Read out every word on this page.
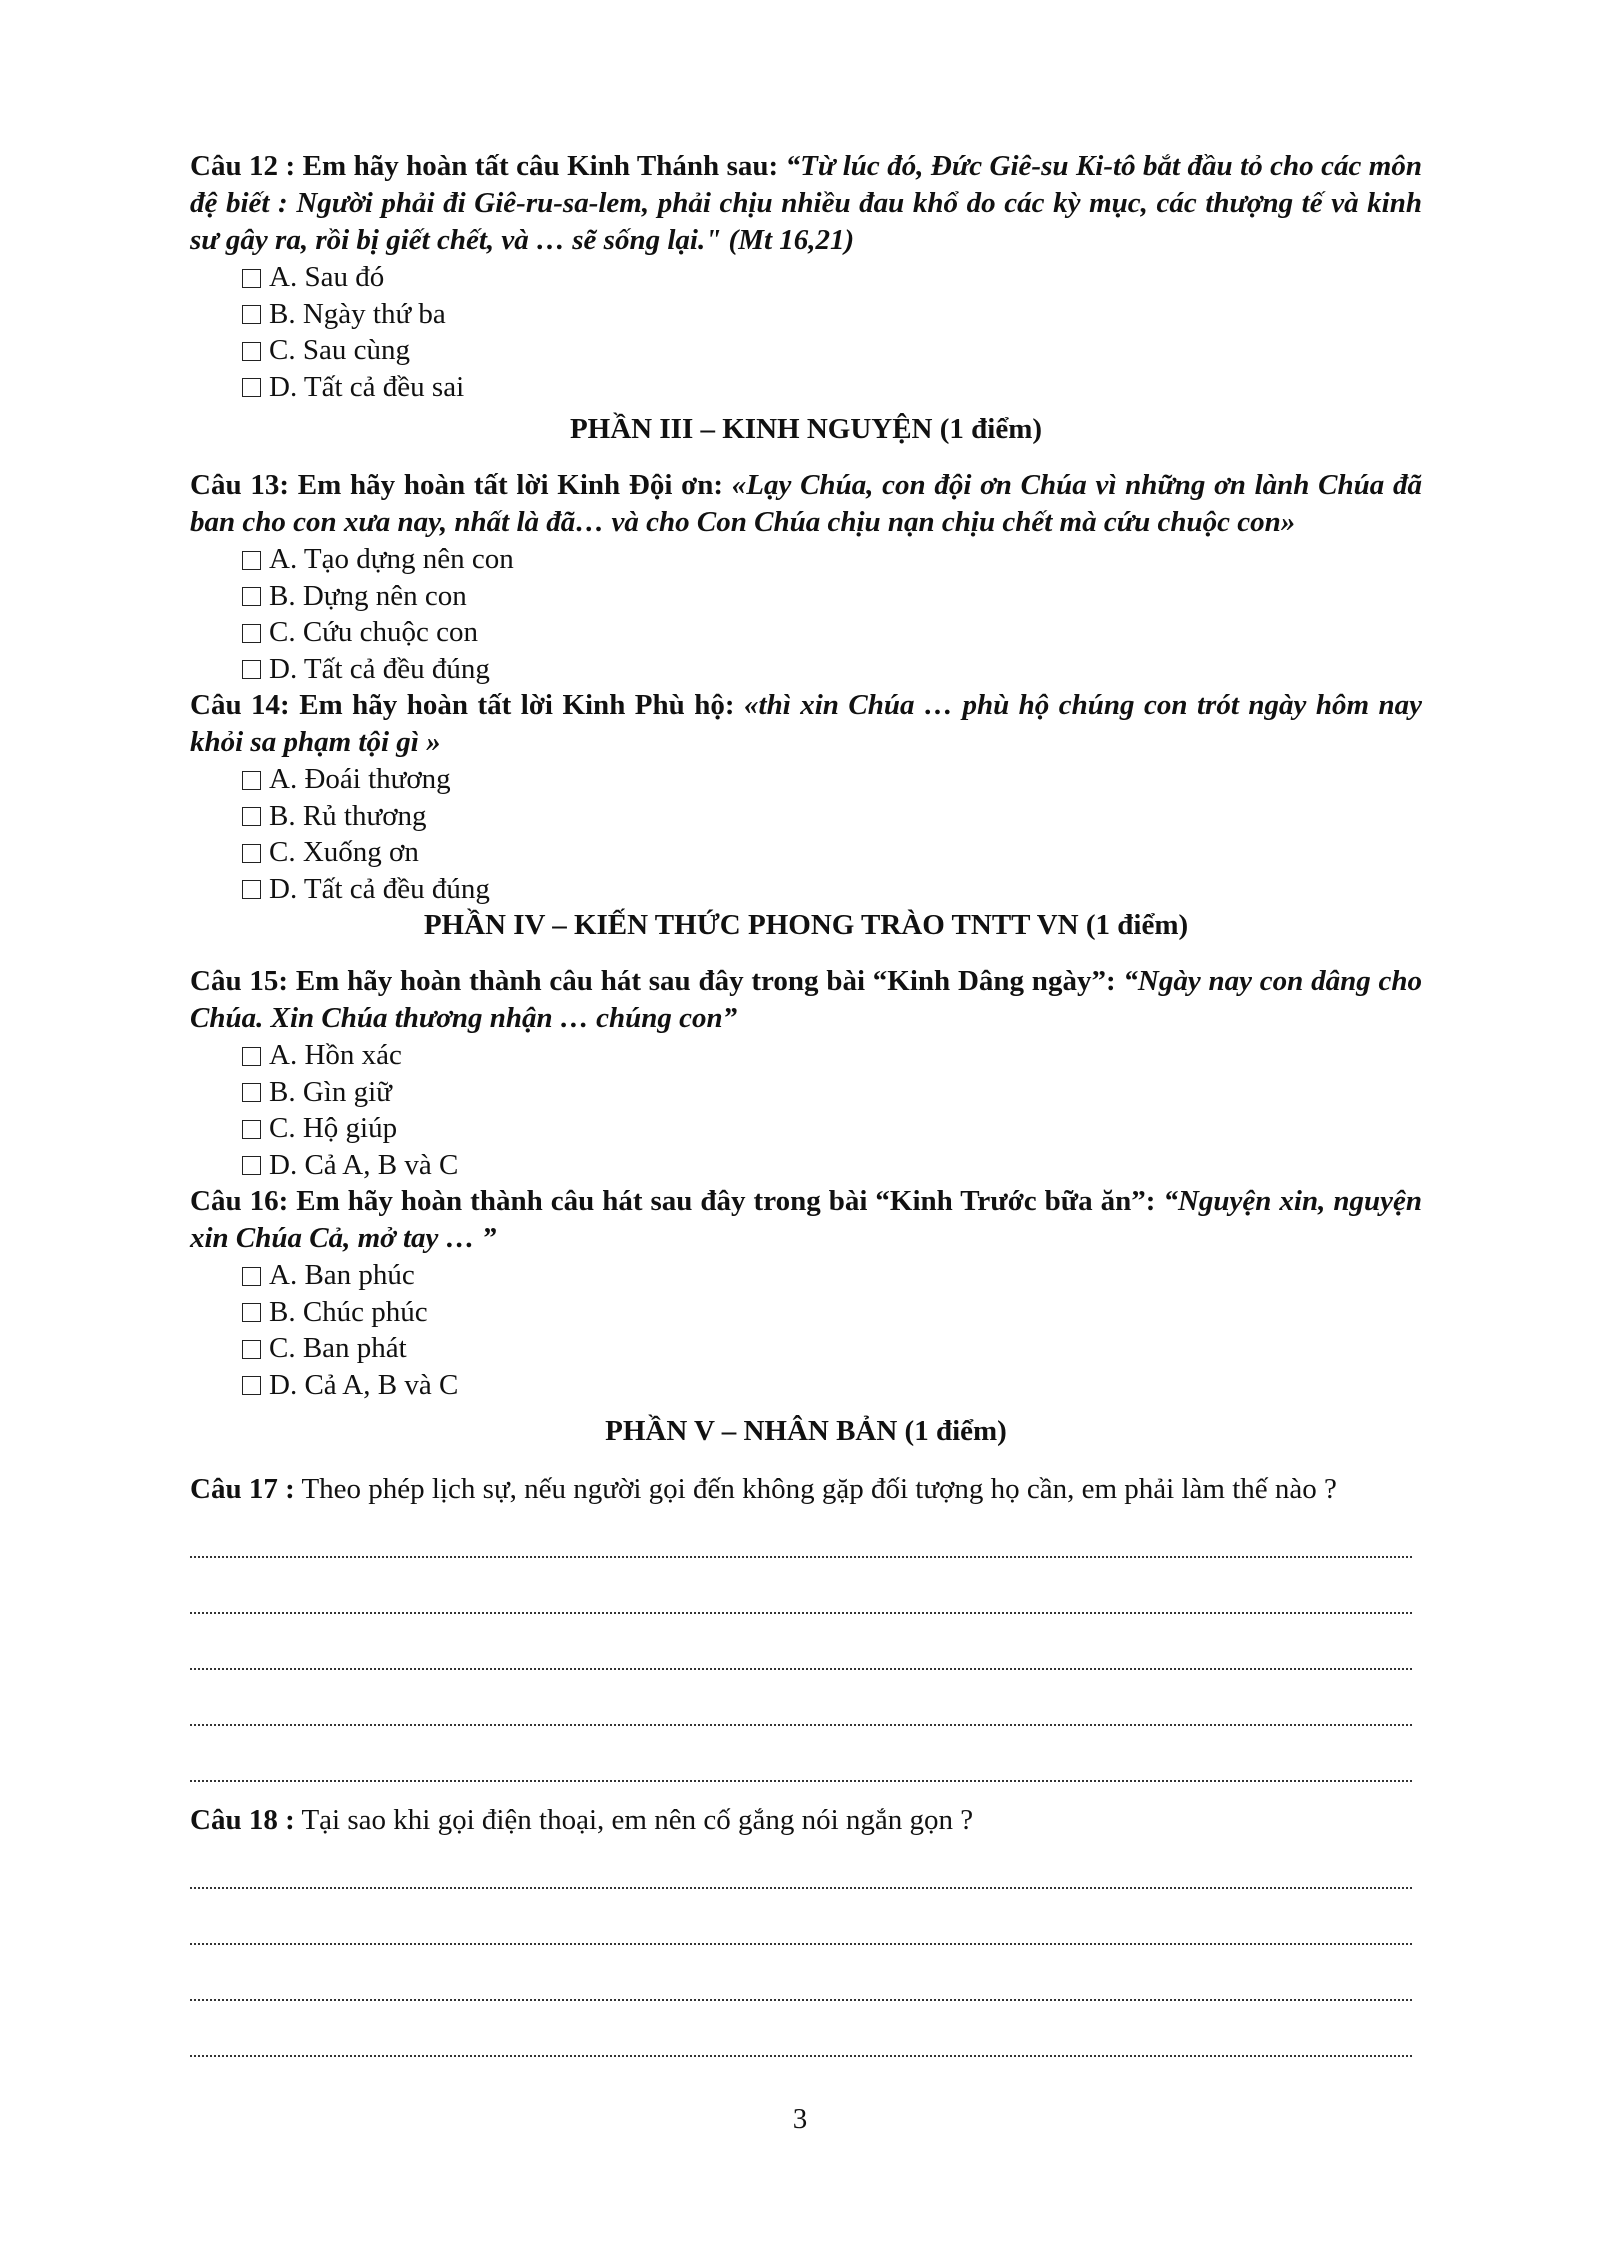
Câu 12 : Em hãy hoàn tất câu Kinh Thánh sau: “Từ lúc đó, Đức Giê-su Ki-tô bắt đầu tỏ cho các môn đệ biết : Người phải đi Giê-ru-sa-lem, phải chịu nhiều đau khổ do các kỳ mục, các thượng tế và kinh sư gây ra, rồi bị giết chết, và … sẽ sống lại." (Mt 16,21)
A. Sau đó
B. Ngày thứ ba
C. Sau cùng
D. Tất cả đều sai
PHẦN III – KINH NGUYỆN (1 điểm)
Câu 13: Em hãy hoàn tất lời Kinh Đội ơn: «Lạy Chúa, con đội ơn Chúa vì những ơn lành Chúa đã ban cho con xưa nay, nhất là đã… và cho Con Chúa chịu nạn chịu chết mà cứu chuộc con»
A. Tạo dựng nên con
B. Dựng nên con
C. Cứu chuộc con
D. Tất cả đều đúng
Câu 14: Em hãy hoàn tất lời Kinh Phù hộ: «thì xin Chúa … phù hộ chúng con trót ngày hôm nay khỏi sa phạm tội gì »
A. Đoái thương
B. Rủ thương
C. Xuống ơn
D. Tất cả đều đúng
PHẦN IV – KIẾN THỨC PHONG TRÀO TNTT VN (1 điểm)
Câu 15: Em hãy hoàn thành câu hát sau đây trong bài “Kinh Dâng ngày”: “Ngày nay con dâng cho Chúa. Xin Chúa thương nhận … chúng con”
A. Hồn xác
B. Gìn giữ
C. Hộ giúp
D. Cả A, B và C
Câu 16: Em hãy hoàn thành câu hát sau đây trong bài “Kinh Trước bữa ăn”: “Nguyện xin, nguyện xin Chúa Cả, mở tay … ”
A. Ban phúc
B. Chúc phúc
C. Ban phát
D. Cả A, B và C
PHẦN V – NHÂN BẢN (1 điểm)
Câu 17 : Theo phép lịch sự, nếu người gọi đến không gặp đối tượng họ cần, em phải làm thế nào ?
Câu 18 : Tại sao khi gọi điện thoại, em nên cố gắng nói ngắn gọn ?
3
